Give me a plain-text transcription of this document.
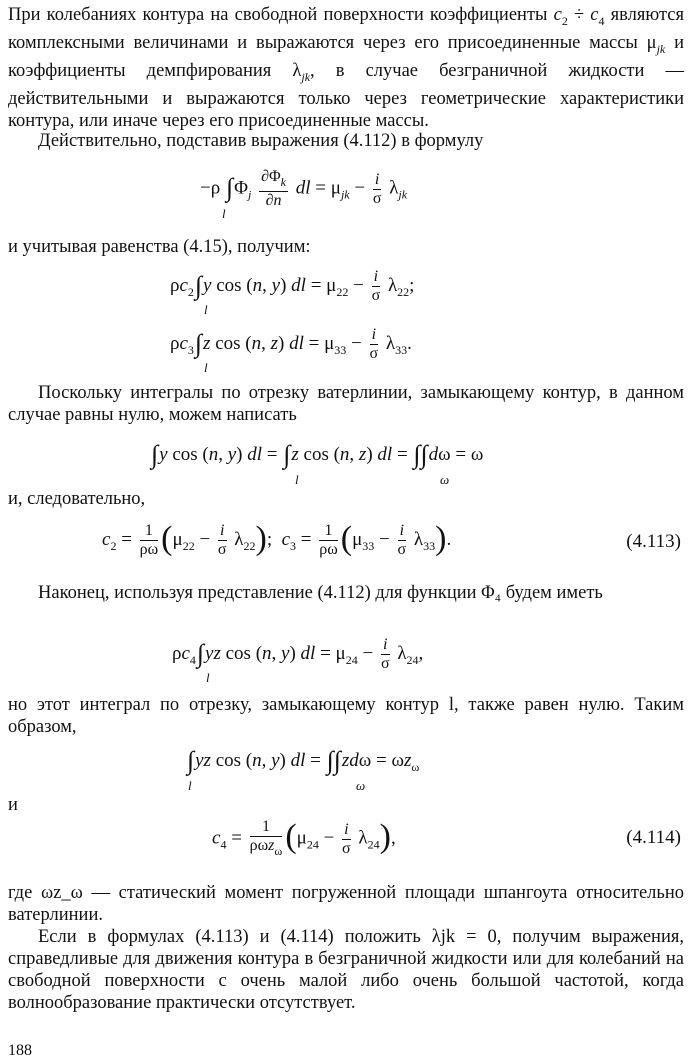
При колебаниях контура на свободной поверхности коэффициенты $c_2 \div c_4$ являются комплексными величинами и выражаются через его присоединенные массы $\mu_{jk}$ и коэффициенты демпфирования $\lambda_{jk}$, в случае безграничной жидкости — действительными и выражаются только через геометрические характеристики контура, или иначе через его присоединенные массы.

Действительно, подставив выражения (4.112) в формулу

−ρ $\int\Phi_j \frac{\partial\Phi_k}{\partial n}$ dl = $\mu_{jk} - \frac{i}{\sigma} \lambda_{jk}$
l

и учитывая равенства (4.15), получим:

$\rho c_2\int y$ cos (n, y) dl = $\mu_{22} - \frac{i}{\sigma} \lambda_{22}$;
l
$\rho c_3\int z$ cos (n, z) dl = $\mu_{33} - \frac{i}{\sigma} \lambda_{33}$.
l

Поскольку интегралы по отрезку ватерлинии, замыкающему контур, в данном случае равны нулю, можем написать

∫y cos (n, y) dl = ∫z cos (n, z) dl = ∫∫dω = ω
l	ω

и, следовательно,

$c_2 = \frac{1}{\rho\omega} (\mu_{22} - \frac{i}{\sigma} \lambda_{22})$;  $c_3 = \frac{1}{\rho\omega} (\mu_{33} - \frac{i}{\sigma} \lambda_{33})$.	(4.113)

Наконец, используя представление (4.112) для функции Φ₄ будем иметь

$\rho c_4\int yz$ cos (n, y) dl = $\mu_{24} - \frac{i}{\sigma} \lambda_{24}$,
l

но этот интеграл по отрезку, замыкающему контур l, также равен нулю. Таким образом,

∫yz cos (n, y) dl = $\int\int zd\omega = \omega z_\omega$
l	ω

и

$c_4 = \frac{1}{\rho\omega z_\omega} (\mu_{24} - \frac{i}{\sigma} \lambda_{24})$,	(4.114)

где ωz_ω — статический момент погруженной площади шпангоута относительно ватерлинии.

Если в формулах (4.113) и (4.114) положить λjk = 0, получим выражения, справедливые для движения контура в безграничной жидкости или для колебаний на свободной поверхности с очень малой либо очень большой частотой, когда волнообразование практически отсутствует.

188
